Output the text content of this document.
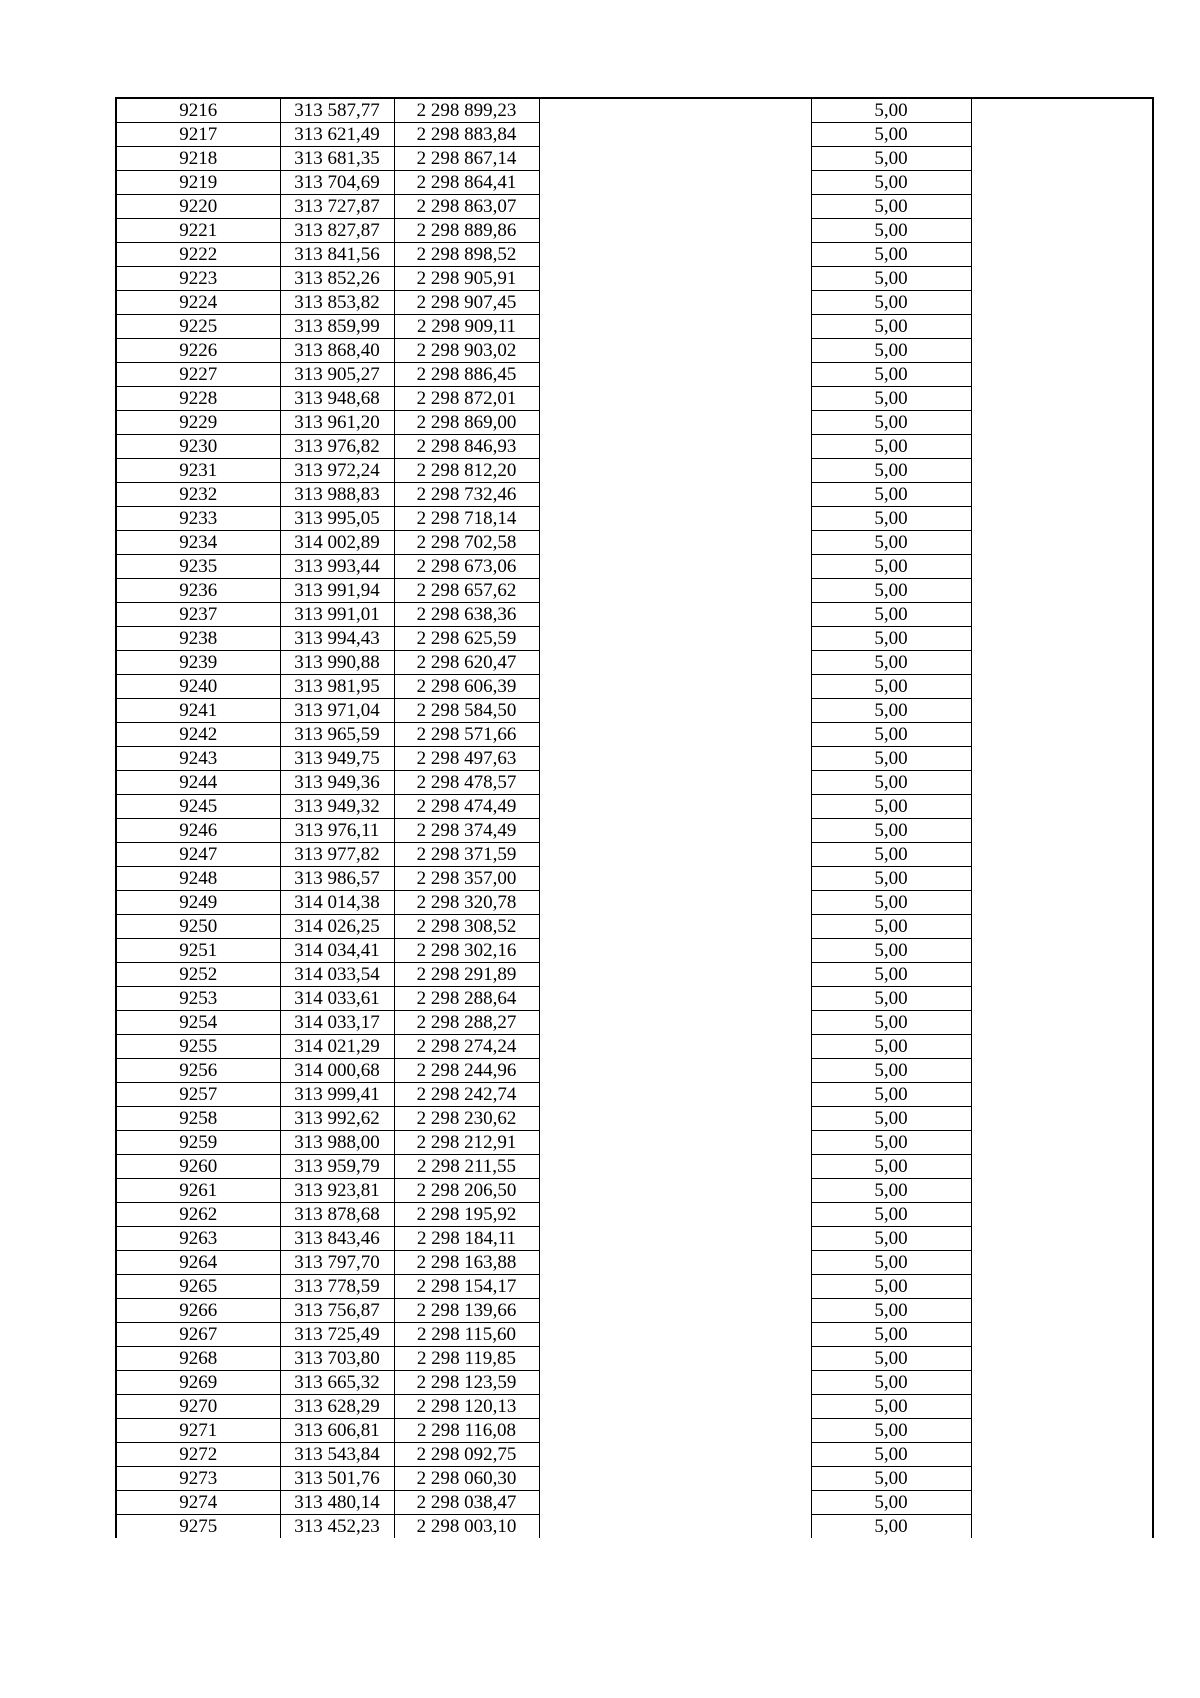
9216	313 587,77	2 298 899,23		5,00	
9217	313 621,49	2 298 883,84		5,00	
9218	313 681,35	2 298 867,14		5,00	
9219	313 704,69	2 298 864,41		5,00	
9220	313 727,87	2 298 863,07		5,00	
9221	313 827,87	2 298 889,86		5,00	
9222	313 841,56	2 298 898,52		5,00	
9223	313 852,26	2 298 905,91		5,00	
9224	313 853,82	2 298 907,45		5,00	
9225	313 859,99	2 298 909,11		5,00	
9226	313 868,40	2 298 903,02		5,00	
9227	313 905,27	2 298 886,45		5,00	
9228	313 948,68	2 298 872,01		5,00	
9229	313 961,20	2 298 869,00		5,00	
9230	313 976,82	2 298 846,93		5,00	
9231	313 972,24	2 298 812,20		5,00	
9232	313 988,83	2 298 732,46		5,00	
9233	313 995,05	2 298 718,14		5,00	
9234	314 002,89	2 298 702,58		5,00	
9235	313 993,44	2 298 673,06		5,00	
9236	313 991,94	2 298 657,62		5,00	
9237	313 991,01	2 298 638,36		5,00	
9238	313 994,43	2 298 625,59		5,00	
9239	313 990,88	2 298 620,47		5,00	
9240	313 981,95	2 298 606,39		5,00	
9241	313 971,04	2 298 584,50		5,00	
9242	313 965,59	2 298 571,66		5,00	
9243	313 949,75	2 298 497,63		5,00	
9244	313 949,36	2 298 478,57		5,00	
9245	313 949,32	2 298 474,49		5,00	
9246	313 976,11	2 298 374,49		5,00	
9247	313 977,82	2 298 371,59		5,00	
9248	313 986,57	2 298 357,00		5,00	
9249	314 014,38	2 298 320,78		5,00	
9250	314 026,25	2 298 308,52		5,00	
9251	314 034,41	2 298 302,16		5,00	
9252	314 033,54	2 298 291,89		5,00	
9253	314 033,61	2 298 288,64		5,00	
9254	314 033,17	2 298 288,27		5,00	
9255	314 021,29	2 298 274,24		5,00	
9256	314 000,68	2 298 244,96		5,00	
9257	313 999,41	2 298 242,74		5,00	
9258	313 992,62	2 298 230,62		5,00	
9259	313 988,00	2 298 212,91		5,00	
9260	313 959,79	2 298 211,55		5,00	
9261	313 923,81	2 298 206,50		5,00	
9262	313 878,68	2 298 195,92		5,00	
9263	313 843,46	2 298 184,11		5,00	
9264	313 797,70	2 298 163,88		5,00	
9265	313 778,59	2 298 154,17		5,00	
9266	313 756,87	2 298 139,66		5,00	
9267	313 725,49	2 298 115,60		5,00	
9268	313 703,80	2 298 119,85		5,00	
9269	313 665,32	2 298 123,59		5,00	
9270	313 628,29	2 298 120,13		5,00	
9271	313 606,81	2 298 116,08		5,00	
9272	313 543,84	2 298 092,75		5,00	
9273	313 501,76	2 298 060,30		5,00	
9274	313 480,14	2 298 038,47		5,00	
9275	313 452,23	2 298 003,10		5,00	
